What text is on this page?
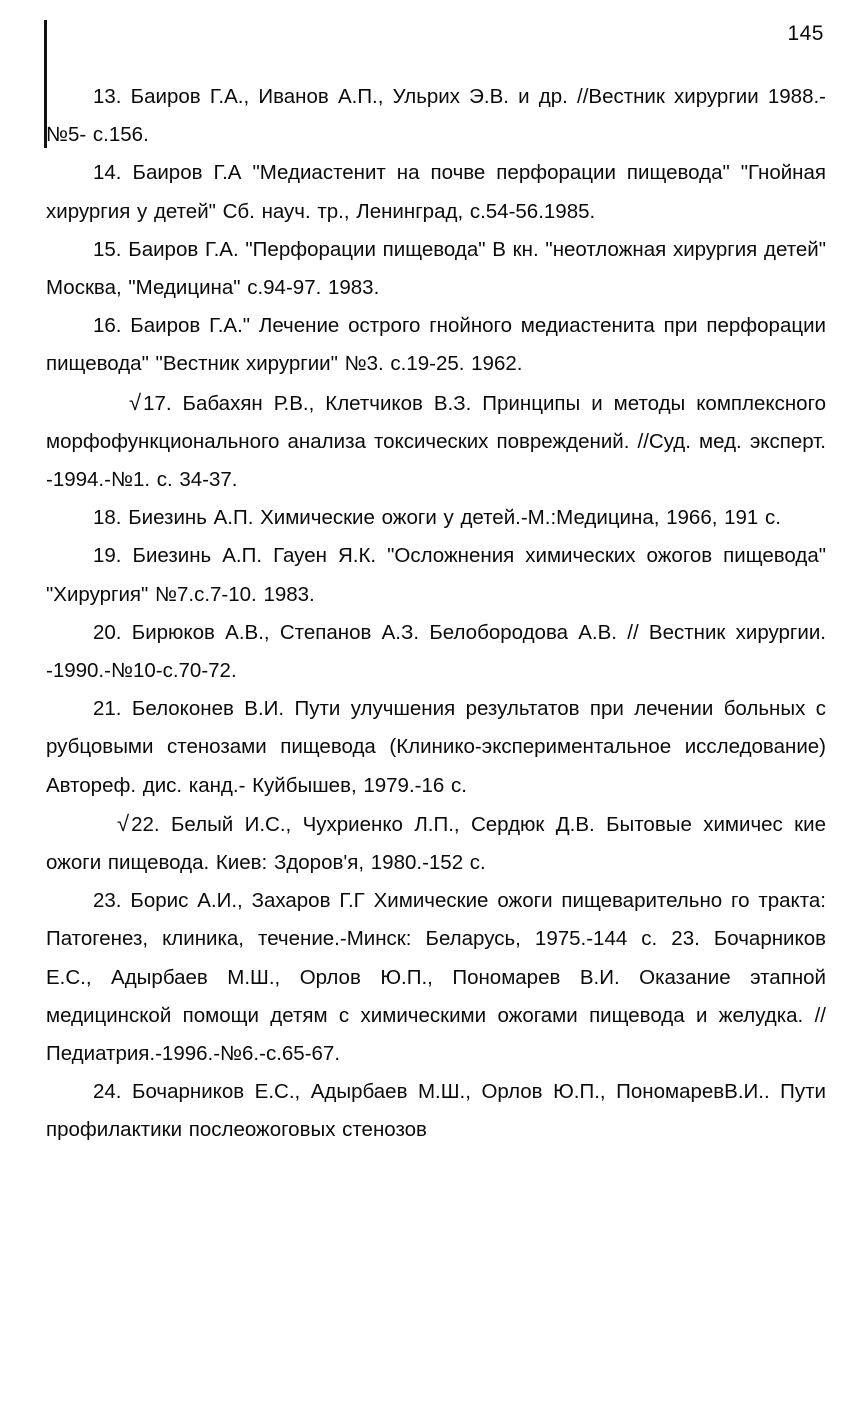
145

13. Баиров Г.А., Иванов А.П., Ульрих Э.В. и др. //Вестник хирургии 1988.- №5- с.156.

14. Баиров Г.А "Медиастенит на почве перфорации пищевода" "Гнойная хирургия у детей" Сб. науч. тр., Ленинград, с.54-56.1985.

15. Баиров Г.А. "Перфорации пищевода" В кн. "неотложная хирургия детей" Москва, "Медицина" с.94-97. 1983.

16. Баиров Г.А." Лечение острого гнойного медиастенита при перфорации пищевода" "Вестник хирургии" №3. с.19-25. 1962.

√17. Бабахян Р.В., Клетчиков В.З. Принципы и методы комплексного морфофункционального анализа токсических повреждений. //Суд. мед. эксперт. -1994.-№1. с. 34-37.

18. Биезинь А.П. Химические ожоги у детей.-М.:Медицина, 1966, 191 с.

19. Биезинь А.П. Гауен Я.К. "Осложнения химических ожогов пищевода" "Хирургия" №7.с.7-10. 1983.

20. Бирюков А.В., Степанов А.З. Белобородова А.В. // Вестник хирургии. -1990.-№10-с.70-72.

21. Белоконев В.И. Пути улучшения результатов при лечении больных с рубцовыми стенозами пищевода (Клинико-экспериментальное исследование) Автореф. дис. канд.- Куйбышев, 1979.-16 с.

√22. Белый И.С., Чухриенко Л.П., Сердюк Д.В. Бытовые химичес кие ожоги пищевода. Киев: Здоров'я, 1980.-152 с.

23. Борис А.И., Захаров Г.Г Химические ожоги пищеварительно го тракта: Патогенез, клиника, течение.-Минск: Беларусь, 1975.-144 с. 23. Бочарников Е.С., Адырбаев М.Ш., Орлов Ю.П., Пономарев В.И. Оказание этапной медицинской помощи детям с химическими ожогами пищевода и желудка. //Педиатрия.-1996.-№6.-с.65-67.

24. Бочарников Е.С., Адырбаев М.Ш., Орлов Ю.П., ПономаревВ.И.. Пути профилактики послеожоговых стенозов
